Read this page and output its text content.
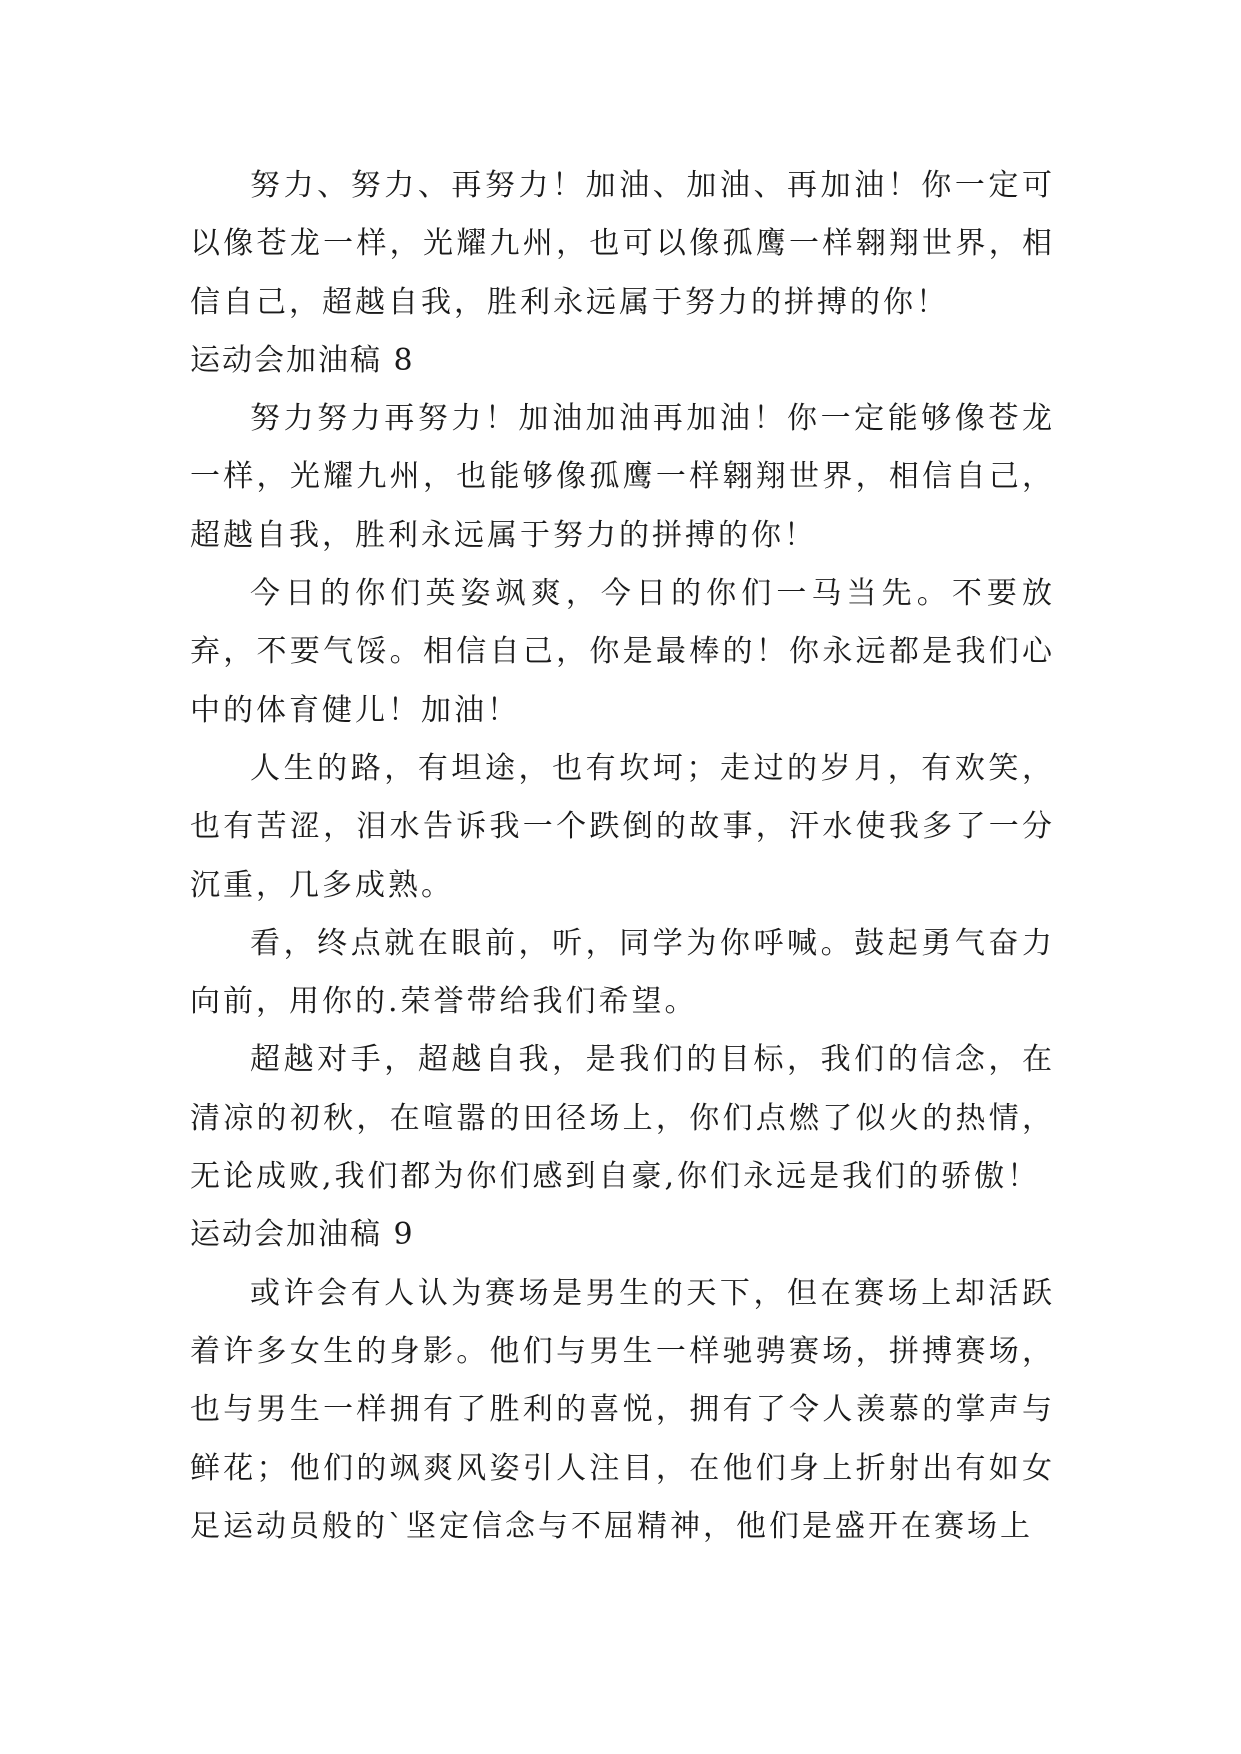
努力、努力、再努力！加油、加油、再加油！你一定可以像苍龙一样，光耀九州，也可以像孤鹰一样翱翔世界，相信自己，超越自我，胜利永远属于努力的拼搏的你！

运动会加油稿 8

努力努力再努力！加油加油再加油！你一定能够像苍龙一样，光耀九州，也能够像孤鹰一样翱翔世界，相信自己，超越自我，胜利永远属于努力的拼搏的你！

今日的你们英姿飒爽，今日的你们一马当先。不要放弃，不要气馁。相信自己，你是最棒的！你永远都是我们心中的体育健儿！加油！

人生的路，有坦途，也有坎坷；走过的岁月，有欢笑，也有苦涩，泪水告诉我一个跌倒的故事，汗水使我多了一分沉重，几多成熟。

看，终点就在眼前，听，同学为你呼喊。鼓起勇气奋力向前，用你的.荣誉带给我们希望。

超越对手，超越自我，是我们的目标，我们的信念，在清凉的初秋，在喧嚣的田径场上，你们点燃了似火的热情，无论成败,我们都为你们感到自豪,你们永远是我们的骄傲！

运动会加油稿 9

或许会有人认为赛场是男生的天下，但在赛场上却活跃着许多女生的身影。他们与男生一样驰骋赛场，拼搏赛场，也与男生一样拥有了胜利的喜悦，拥有了令人羡慕的掌声与鲜花；他们的飒爽风姿引人注目，在他们身上折射出有如女足运动员般的`坚定信念与不屈精神，他们是盛开在赛场上
